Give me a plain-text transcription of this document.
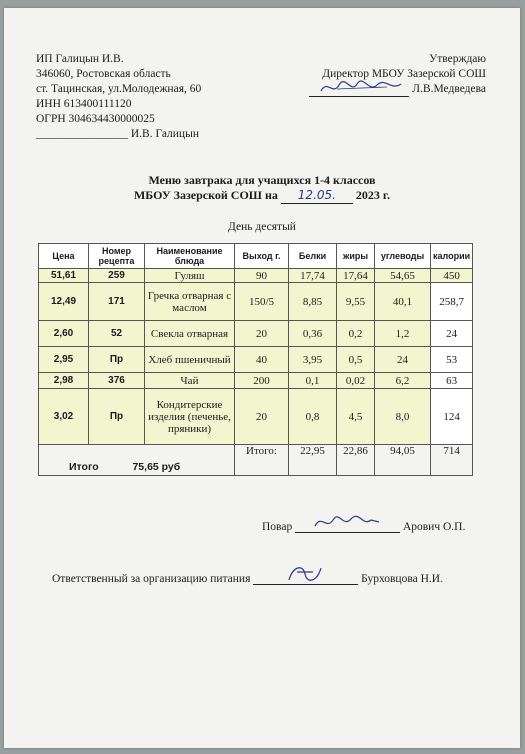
ИП Галицын И.В.
346060, Ростовская область
ст. Тацинская, ул.Молодежная, 60
ИНН 613400111120
ОГРН 304634430000025
________________ И.В. Галицын
Утверждаю
Директор МБОУ Зазерской СОШ
Л.В.Медведева
Меню завтрака для учащихся 1-4 классов
МБОУ Зазерской СОШ на 12.05. 2023 г.
День десятый
Цена	Номер рецепта	Наименование блюда	Выход г.	Белки	жиры	углеводы	калории
51,61	259	Гуляш	90	17,74	17,64	54,65	450
12,49	171	Гречка отварная с маслом	150/5	8,85	9,55	40,1	258,7
2,60	52	Свекла отварная	20	0,36	0,2	1,2	24
2,95	Пр	Хлеб пшеничный	40	3,95	0,5	24	53
2,98	376	Чай	200	0,1	0,02	6,2	63
3,02	Пр	Кондитерские изделия (печенье, пряники)	20	0,8	4,5	8,0	124
Итого 75,65 руб			Итого:	22,95	22,86	94,05	714
Повар	Арович О.П.
Ответственный за организацию питания	Бурховцова Н.И.
